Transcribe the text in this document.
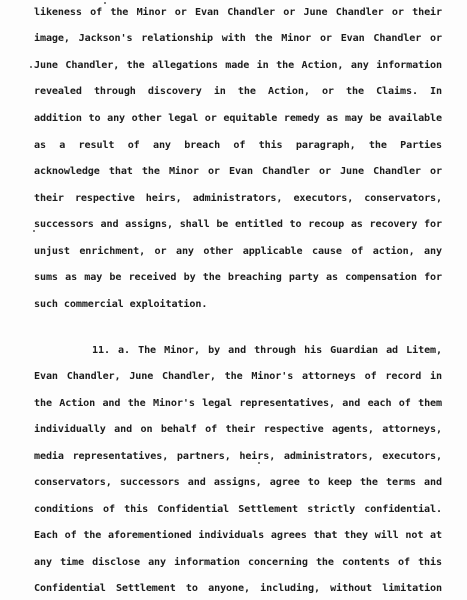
likeness of the Minor or Evan Chandler or June Chandler or their
image, Jackson's relationship with the Minor or Evan Chandler or
June Chandler, the allegations made in the Action, any information
revealed through discovery in the Action, or the Claims. In
addition to any other legal or equitable remedy as may be available
as a result of any breach of this paragraph, the Parties
acknowledge that the Minor or Evan Chandler or June Chandler or
their respective heirs, administrators, executors, conservators,
successors and assigns, shall be entitled to recoup as recovery for
unjust enrichment, or any other applicable cause of action, any
sums as may be received by the breaching party as compensation for
such commercial exploitation.
11. a. The Minor, by and through his Guardian ad Litem,
Evan Chandler, June Chandler, the Minor's attorneys of record in
the Action and the Minor's legal representatives, and each of them
individually and on behalf of their respective agents, attorneys,
media representatives, partners, heirs, administrators, executors,
conservators, successors and assigns, agree to keep the terms and
conditions of this Confidential Settlement strictly confidential.
Each of the aforementioned individuals agrees that they will not at
any time disclose any information concerning the contents of this
Confidential Settlement to anyone, including, without limitation
